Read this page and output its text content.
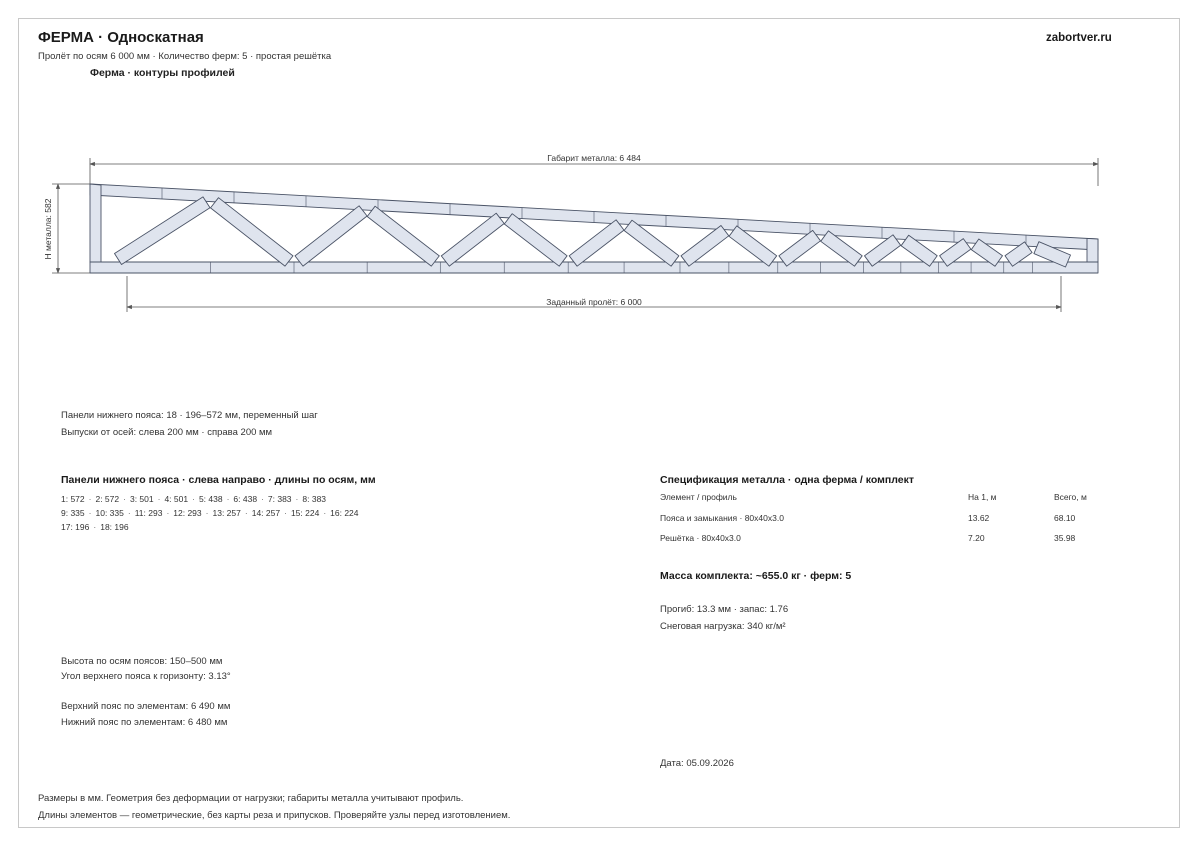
ФЕРМА · Односкатная
Пролёт по осям 6 000 мм · Количество ферм: 5 · простая решётка
zabortver.ru
Ферма · контуры профилей
Габарит металла: 6 484
Заданный пролёт: 6 000
Н металла: 582
Панели нижнего пояса: 18 · 196–572 мм, переменный шаг
Выпуски от осей: слева 200 мм · справа 200 мм
Панели нижнего пояса · слева направо · длины по осям, мм
1: 572 · 2: 572 · 3: 501 · 4: 501 · 5: 438 · 6: 438 · 7: 383 · 8: 383
9: 335 · 10: 335 · 11: 293 · 12: 293 · 13: 257 · 14: 257 · 15: 224 · 16: 224
17: 196 · 18: 196
Спецификация металла · одна ферма / комплект
Элемент / профиль	На 1, м	Всего, м
Пояса и замыкания · 80x40x3.0	13.62	68.10
Решётка · 80x40x3.0	7.20	35.98
Масса комплекта: ~655.0 кг · ферм: 5
Прогиб: 13.3 мм · запас: 1.76
Снеговая нагрузка: 340 кг/м²
Высота по осям поясов: 150–500 мм
Угол верхнего пояса к горизонту: 3.13°
Верхний пояс по элементам: 6 490 мм
Нижний пояс по элементам: 6 480 мм
Дата: 05.09.2026
Размеры в мм. Геометрия без деформации от нагрузки; габариты металла учитывают профиль.
Длины элементов — геометрические, без карты реза и припусков. Проверяйте узлы перед изготовлением.
